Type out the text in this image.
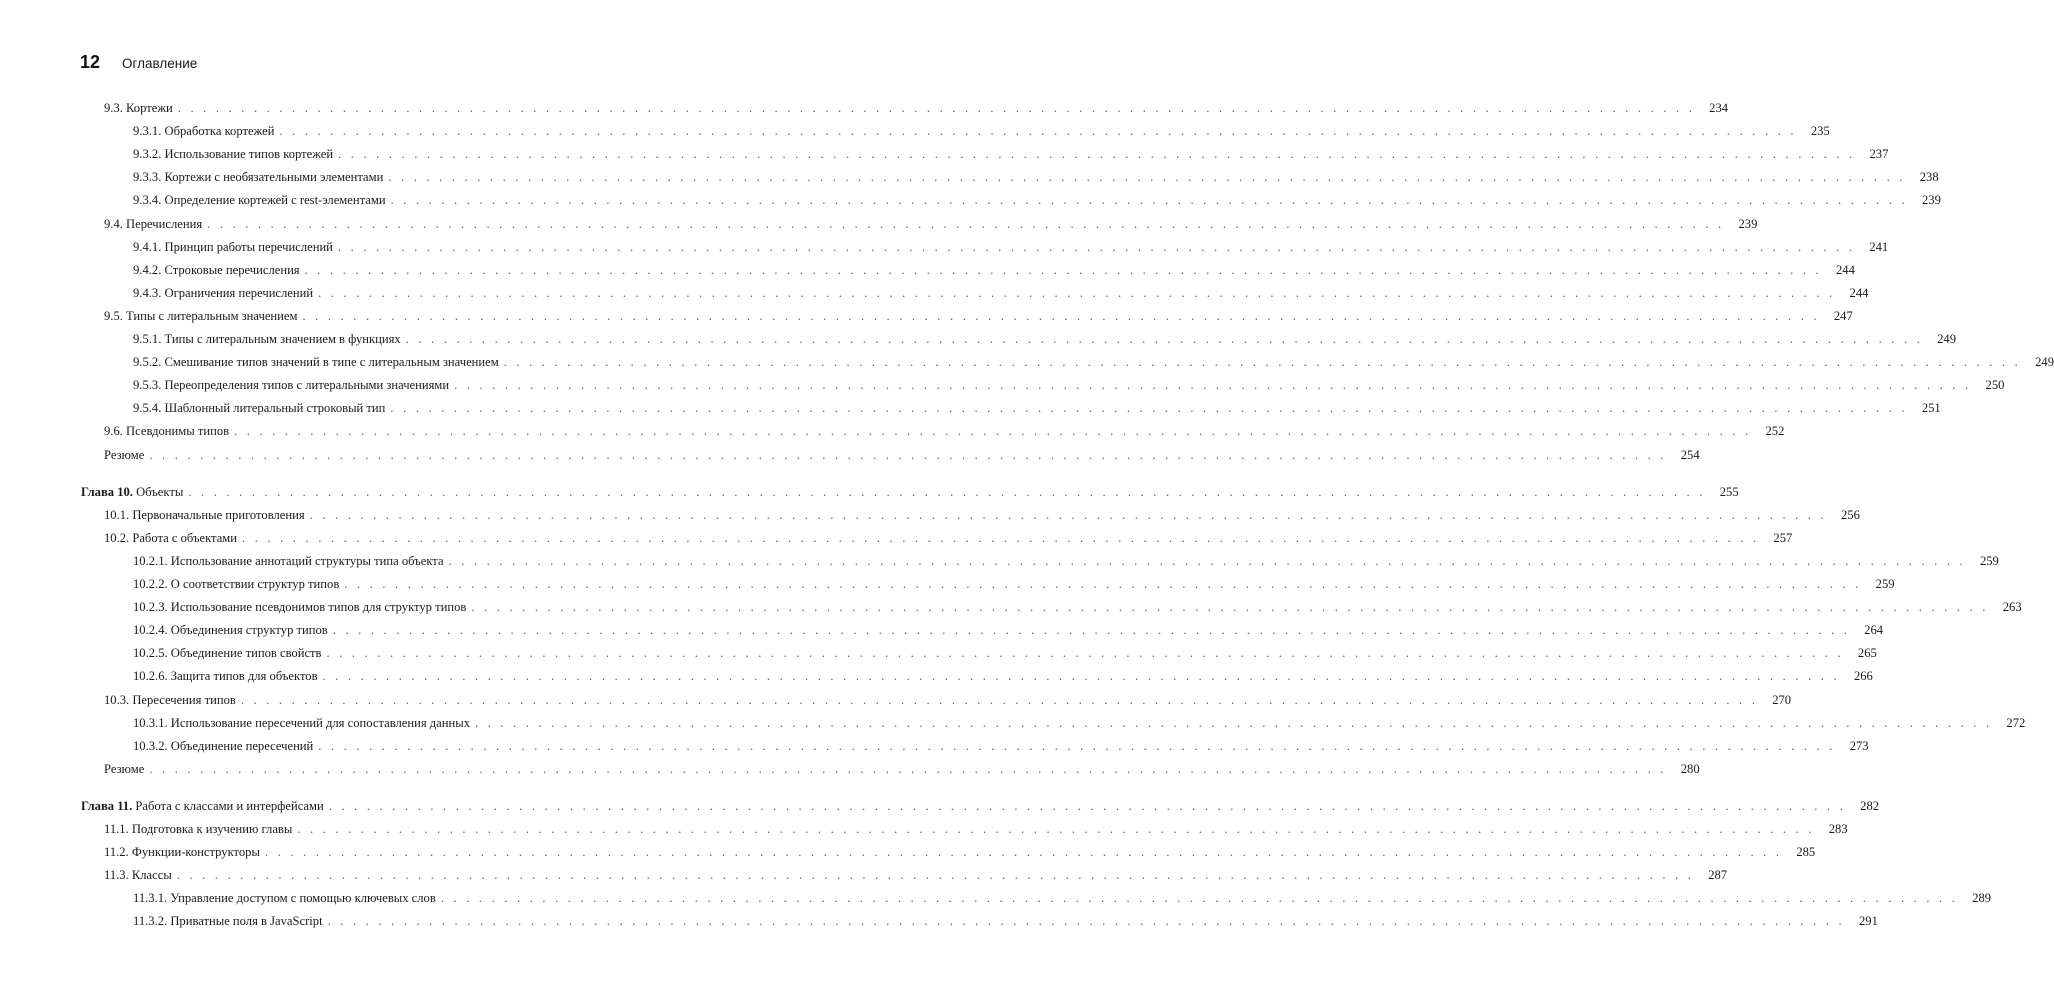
12 Оглавление
9.3. Кортежи . . . . . . . . . . . . . . . . . . . . . . . . . . . . . . . . . . . . . . . . . . . . . . . . . . . . . . . . . . . . . . . . . . . . . . . . . . . . . . . . . . . . . . . . . . . . . . . . . . . . . . . . . . . . . . . . . . . . . . . .	234
9.3.1. Обработка кортежей . . . . . . . . . . . . . . . . . . . . . . . . . . . . . . . . . . . . . . . . . . . . . . . . . . . . . . . . . . . . . . . . . . . . . . . . . . . . . . . . . . . . . . . . . . . . . . . . . . . . . . . . . . . . . . . . . . . . . . . .	235
9.3.2. Использование типов кортежей . . . . . . . . . . . . . . . . . . . . . . . . . . . . . . . . . . . . . . . . . . . . . . . . . . . . . . . . . . . . . . . . . . . . . . . . . . . . . . . . . . . . . . . . . . . . . . . . . . . . . . . . . . . . . . . . . . . . . . . .	237
9.3.3. Кортежи с необязательными элементами . . . . . . . . . . . . . . . . . . . . . . . . . . . . . . . . . . . . . . . . . . . . . . . . . . . . . . . . . . . . . . . . . . . . . . . . . . . . . . . . . . . . . . . . . . . . . . . . . . . . . . . . . . . . . . . . . . . . . . . .	238
9.3.4. Определение кортежей с rest-элементами . . . . . . . . . . . . . . . . . . . . . . . . . . . . . . . . . . . . . . . . . . . . . . . . . . . . . . . . . . . . . . . . . . . . . . . . . . . . . . . . . . . . . . . . . . . . . . . . . . . . . . . . . . . . . . . . . . . . . . . .	239
9.4. Перечисления . . . . . . . . . . . . . . . . . . . . . . . . . . . . . . . . . . . . . . . . . . . . . . . . . . . . . . . . . . . . . . . . . . . . . . . . . . . . . . . . . . . . . . . . . . . . . . . . . . . . . . . . . . . . . . . . . . . . . . . .	239
9.4.1. Принцип работы перечислений . . . . . . . . . . . . . . . . . . . . . . . . . . . . . . . . . . . . . . . . . . . . . . . . . . . . . . . . . . . . . . . . . . . . . . . . . . . . . . . . . . . . . . . . . . . . . . . . . . . . . . . . . . . . . . . . . . . . . . . .	241
9.4.2. Строковые перечисления . . . . . . . . . . . . . . . . . . . . . . . . . . . . . . . . . . . . . . . . . . . . . . . . . . . . . . . . . . . . . . . . . . . . . . . . . . . . . . . . . . . . . . . . . . . . . . . . . . . . . . . . . . . . . . . . . . . . . . . .	244
9.4.3. Ограничения перечислений . . . . . . . . . . . . . . . . . . . . . . . . . . . . . . . . . . . . . . . . . . . . . . . . . . . . . . . . . . . . . . . . . . . . . . . . . . . . . . . . . . . . . . . . . . . . . . . . . . . . . . . . . . . . . . . . . . . . . . . .	244
9.5. Типы с литеральным значением . . . . . . . . . . . . . . . . . . . . . . . . . . . . . . . . . . . . . . . . . . . . . . . . . . . . . . . . . . . . . . . . . . . . . . . . . . . . . . . . . . . . . . . . . . . . . . . . . . . . . . . . . . . . . . . . . . . . . . . .	247
9.5.1. Типы с литеральным значением в функциях . . . . . . . . . . . . . . . . . . . . . . . . . . . . . . . . . . . . . . . . . . . . . . . . . . . . . . . . . . . . . . . . . . . . . . . . . . . . . . . . . . . . . . . . . . . . . . . . . . . . . . . . . . . . . . . . . . . . . . . .	249
9.5.2. Смешивание типов значений в типе с литеральным значением . . . . . . . . . . . . . . . . . . . . . . . . . . . . . . . . . . . . . . . . . . . . . . . . . . . . . . . . . . . . . . . . . . . . . . . . . . . . . . . . . . . . . . . . . . . . . . . . . . . . . . . . . . . . . . . . . . . . . . . .	249
9.5.3. Переопределения типов с литеральными значениями . . . . . . . . . . . . . . . . . . . . . . . . . . . . . . . . . . . . . . . . . . . . . . . . . . . . . . . . . . . . . . . . . . . . . . . . . . . . . . . . . . . . . . . . . . . . . . . . . . . . . . . . . . . . . . . . . . . . . . . .	250
9.5.4. Шаблонный литеральный строковый тип . . . . . . . . . . . . . . . . . . . . . . . . . . . . . . . . . . . . . . . . . . . . . . . . . . . . . . . . . . . . . . . . . . . . . . . . . . . . . . . . . . . . . . . . . . . . . . . . . . . . . . . . . . . . . . . . . . . . . . . .	251
9.6. Псевдонимы типов . . . . . . . . . . . . . . . . . . . . . . . . . . . . . . . . . . . . . . . . . . . . . . . . . . . . . . . . . . . . . . . . . . . . . . . . . . . . . . . . . . . . . . . . . . . . . . . . . . . . . . . . . . . . . . . . . . . . . . . .	252
Резюме . . . . . . . . . . . . . . . . . . . . . . . . . . . . . . . . . . . . . . . . . . . . . . . . . . . . . . . . . . . . . . . . . . . . . . . . . . . . . . . . . . . . . . . . . . . . . . . . . . . . . . . . . . . . . . . . . . . . . . . .	254
Глава 10. Объекты . . . . . . . . . . . . . . . . . . . . . . . . . . . . . . . . . . . . . . . . . . . . . . . . . . . . . . . . . . . . . . . . . . . . . . . . . . . . . . . . . . . . . . . . . . . . . . . . . . . . . . . . . . . . . . . . . . . . . . . .	255
10.1. Первоначальные приготовления . . . . . . . . . . . . . . . . . . . . . . . . . . . . . . . . . . . . . . . . . . . . . . . . . . . . . . . . . . . . . . . . . . . . . . . . . . . . . . . . . . . . . . . . . . . . . . . . . . . . . . . . . . . . . . . . . . . . . . . .	256
10.2. Работа с объектами . . . . . . . . . . . . . . . . . . . . . . . . . . . . . . . . . . . . . . . . . . . . . . . . . . . . . . . . . . . . . . . . . . . . . . . . . . . . . . . . . . . . . . . . . . . . . . . . . . . . . . . . . . . . . . . . . . . . . . . .	257
10.2.1. Использование аннотаций структуры типа объекта . . . . . . . . . . . . . . . . . . . . . . . . . . . . . . . . . . . . . . . . . . . . . . . . . . . . . . . . . . . . . . . . . . . . . . . . . . . . . . . . . . . . . . . . . . . . . . . . . . . . . . . . . . . . . . . . . . . . . . . .	259
10.2.2. О соответствии структур типов . . . . . . . . . . . . . . . . . . . . . . . . . . . . . . . . . . . . . . . . . . . . . . . . . . . . . . . . . . . . . . . . . . . . . . . . . . . . . . . . . . . . . . . . . . . . . . . . . . . . . . . . . . . . . . . . . . . . . . . .	259
10.2.3. Использование псевдонимов типов для структур типов . . . . . . . . . . . . . . . . . . . . . . . . . . . . . . . . . . . . . . . . . . . . . . . . . . . . . . . . . . . . . . . . . . . . . . . . . . . . . . . . . . . . . . . . . . . . . . . . . . . . . . . . . . . . . . . . . . . . . . . .	263
10.2.4. Объединения структур типов . . . . . . . . . . . . . . . . . . . . . . . . . . . . . . . . . . . . . . . . . . . . . . . . . . . . . . . . . . . . . . . . . . . . . . . . . . . . . . . . . . . . . . . . . . . . . . . . . . . . . . . . . . . . . . . . . . . . . . . .	264
10.2.5. Объединение типов свойств . . . . . . . . . . . . . . . . . . . . . . . . . . . . . . . . . . . . . . . . . . . . . . . . . . . . . . . . . . . . . . . . . . . . . . . . . . . . . . . . . . . . . . . . . . . . . . . . . . . . . . . . . . . . . . . . . . . . . . . .	265
10.2.6. Защита типов для объектов . . . . . . . . . . . . . . . . . . . . . . . . . . . . . . . . . . . . . . . . . . . . . . . . . . . . . . . . . . . . . . . . . . . . . . . . . . . . . . . . . . . . . . . . . . . . . . . . . . . . . . . . . . . . . . . . . . . . . . . .	266
10.3. Пересечения типов . . . . . . . . . . . . . . . . . . . . . . . . . . . . . . . . . . . . . . . . . . . . . . . . . . . . . . . . . . . . . . . . . . . . . . . . . . . . . . . . . . . . . . . . . . . . . . . . . . . . . . . . . . . . . . . . . . . . . . . .	270
10.3.1. Использование пересечений для сопоставления данных . . . . . . . . . . . . . . . . . . . . . . . . . . . . . . . . . . . . . . . . . . . . . . . . . . . . . . . . . . . . . . . . . . . . . . . . . . . . . . . . . . . . . . . . . . . . . . . . . . . . . . . . . . . . . . . . . . . . . . . .	272
10.3.2. Объединение пересечений . . . . . . . . . . . . . . . . . . . . . . . . . . . . . . . . . . . . . . . . . . . . . . . . . . . . . . . . . . . . . . . . . . . . . . . . . . . . . . . . . . . . . . . . . . . . . . . . . . . . . . . . . . . . . . . . . . . . . . . .	273
Резюме . . . . . . . . . . . . . . . . . . . . . . . . . . . . . . . . . . . . . . . . . . . . . . . . . . . . . . . . . . . . . . . . . . . . . . . . . . . . . . . . . . . . . . . . . . . . . . . . . . . . . . . . . . . . . . . . . . . . . . . .	280
Глава 11. Работа с классами и интерфейсами . . . . . . . . . . . . . . . . . . . . . . . . . . . . . . . . . . . . . . . . . . . . . . . . . . . . . . . . . . . . . . . . . . . . . . . . . . . . . . . . . . . . . . . . . . . . . . . . . . . . . . . . . . . . . . . . . . . . . . . .	282
11.1. Подготовка к изучению главы . . . . . . . . . . . . . . . . . . . . . . . . . . . . . . . . . . . . . . . . . . . . . . . . . . . . . . . . . . . . . . . . . . . . . . . . . . . . . . . . . . . . . . . . . . . . . . . . . . . . . . . . . . . . . . . . . . . . . . . .	283
11.2. Функции-конструкторы . . . . . . . . . . . . . . . . . . . . . . . . . . . . . . . . . . . . . . . . . . . . . . . . . . . . . . . . . . . . . . . . . . . . . . . . . . . . . . . . . . . . . . . . . . . . . . . . . . . . . . . . . . . . . . . . . . . . . . . .	285
11.3. Классы . . . . . . . . . . . . . . . . . . . . . . . . . . . . . . . . . . . . . . . . . . . . . . . . . . . . . . . . . . . . . . . . . . . . . . . . . . . . . . . . . . . . . . . . . . . . . . . . . . . . . . . . . . . . . . . . . . . . . . . .	287
11.3.1. Управление доступом с помощью ключевых слов . . . . . . . . . . . . . . . . . . . . . . . . . . . . . . . . . . . . . . . . . . . . . . . . . . . . . . . . . . . . . . . . . . . . . . . . . . . . . . . . . . . . . . . . . . . . . . . . . . . . . . . . . . . . . . . . . . . . . . . .	289
11.3.2. Приватные поля в JavaScript . . . . . . . . . . . . . . . . . . . . . . . . . . . . . . . . . . . . . . . . . . . . . . . . . . . . . . . . . . . . . . . . . . . . . . . . . . . . . . . . . . . . . . . . . . . . . . . . . . . . . . . . . . . . . . . . . . . . . . . .	291
